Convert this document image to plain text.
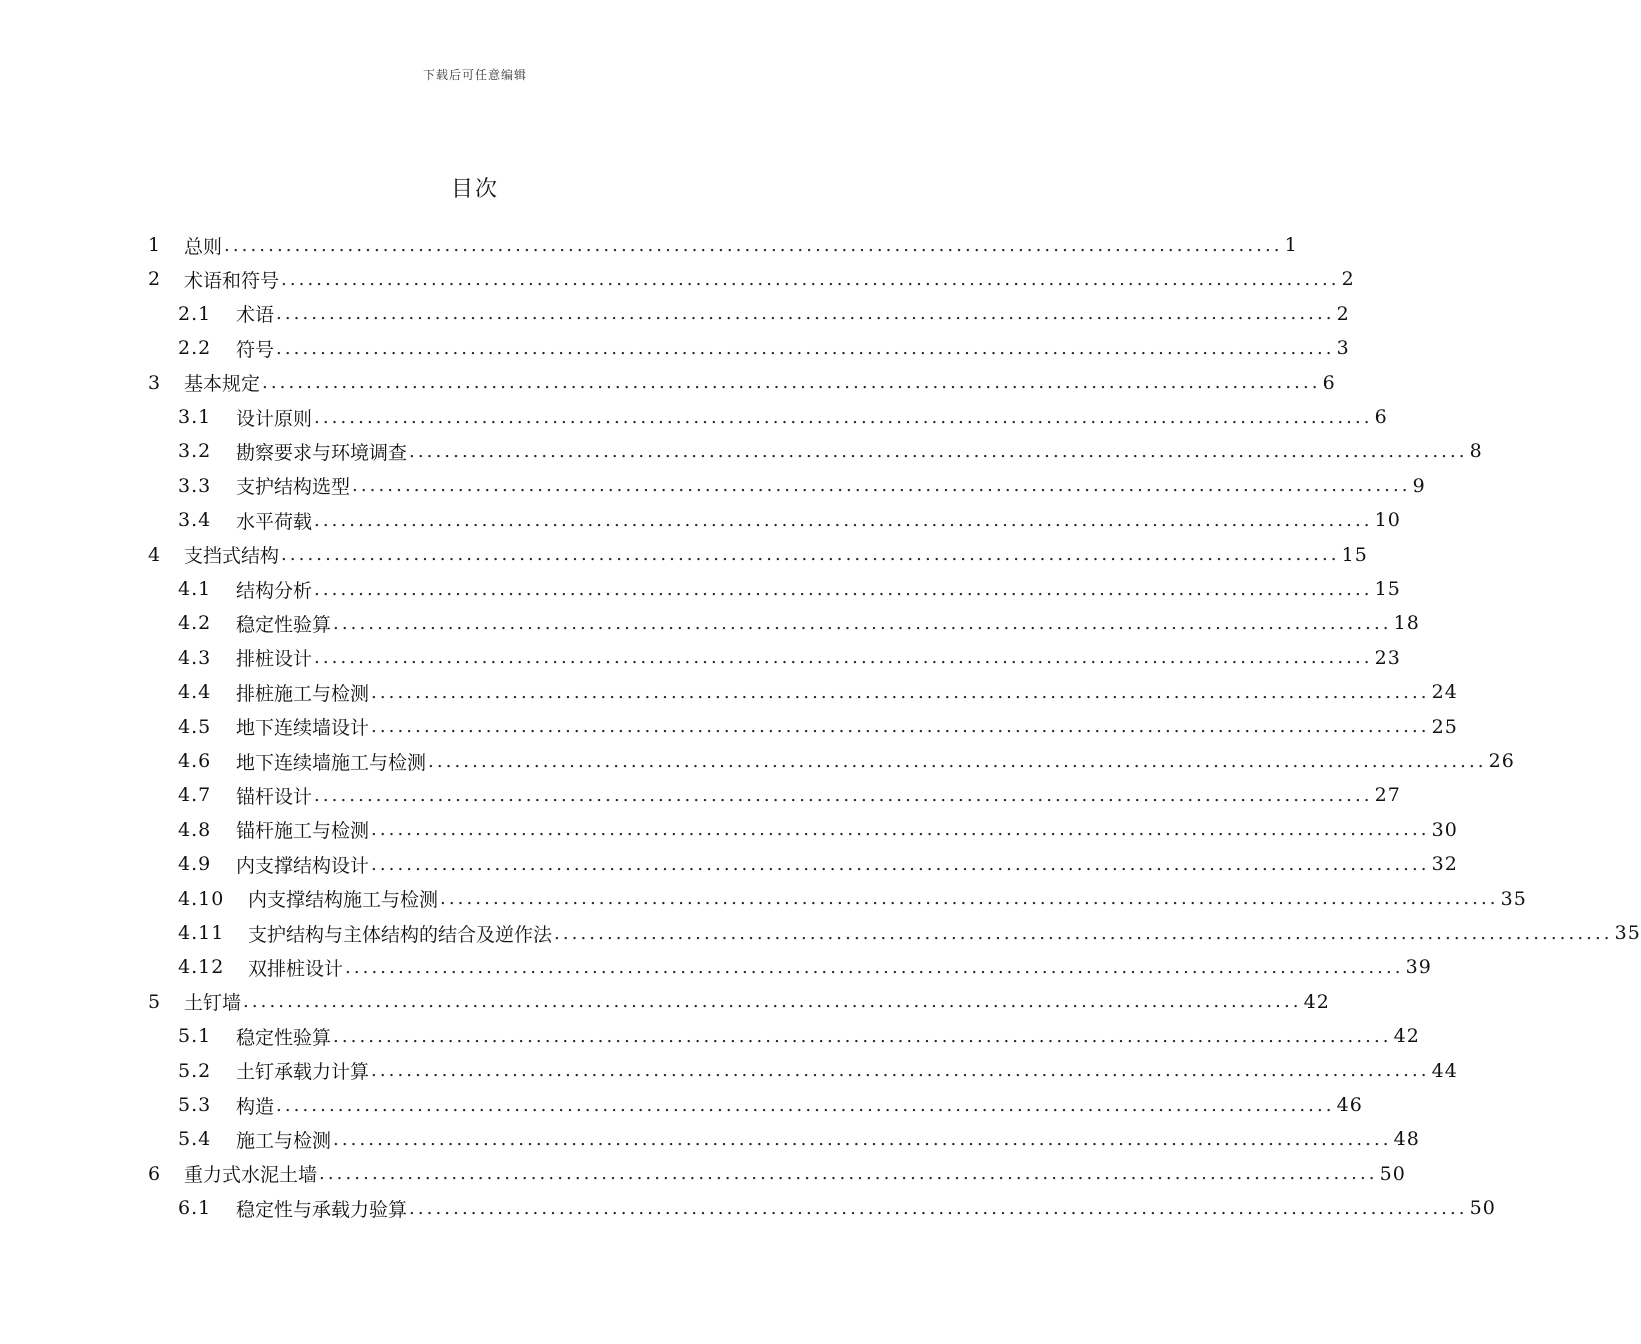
下载后可任意编辑
目次
1	总则 ........................................................................................................................ 1
2	术语和符号 ........................................................................................................................ 2
2.1	术语 ........................................................................................................................ 2
2.2	符号 ........................................................................................................................ 3
3	基本规定 ........................................................................................................................ 6
3.1	设计原则 ........................................................................................................................ 6
3.2	勘察要求与环境调查 ........................................................................................................................ 8
3.3	支护结构选型 ........................................................................................................................ 9
3.4	水平荷载 ........................................................................................................................ 10
4	支挡式结构 ........................................................................................................................ 15
4.1	结构分析 ........................................................................................................................ 15
4.2	稳定性验算 ........................................................................................................................ 18
4.3	排桩设计 ........................................................................................................................ 23
4.4	排桩施工与检测 ........................................................................................................................ 24
4.5	地下连续墙设计 ........................................................................................................................ 25
4.6	地下连续墙施工与检测 ........................................................................................................................ 26
4.7	锚杆设计 ........................................................................................................................ 27
4.8	锚杆施工与检测 ........................................................................................................................ 30
4.9	内支撑结构设计 ........................................................................................................................ 32
4.10	内支撑结构施工与检测 ........................................................................................................................ 35
4.11	支护结构与主体结构的结合及逆作法 ........................................................................................................................ 35
4.12	双排桩设计 ........................................................................................................................ 39
5	土钉墙 ........................................................................................................................ 42
5.1	稳定性验算 ........................................................................................................................ 42
5.2	土钉承载力计算 ........................................................................................................................ 44
5.3	构造 ........................................................................................................................ 46
5.4	施工与检测 ........................................................................................................................ 48
6	重力式水泥土墙 ........................................................................................................................ 50
6.1	稳定性与承载力验算 ........................................................................................................................ 50
